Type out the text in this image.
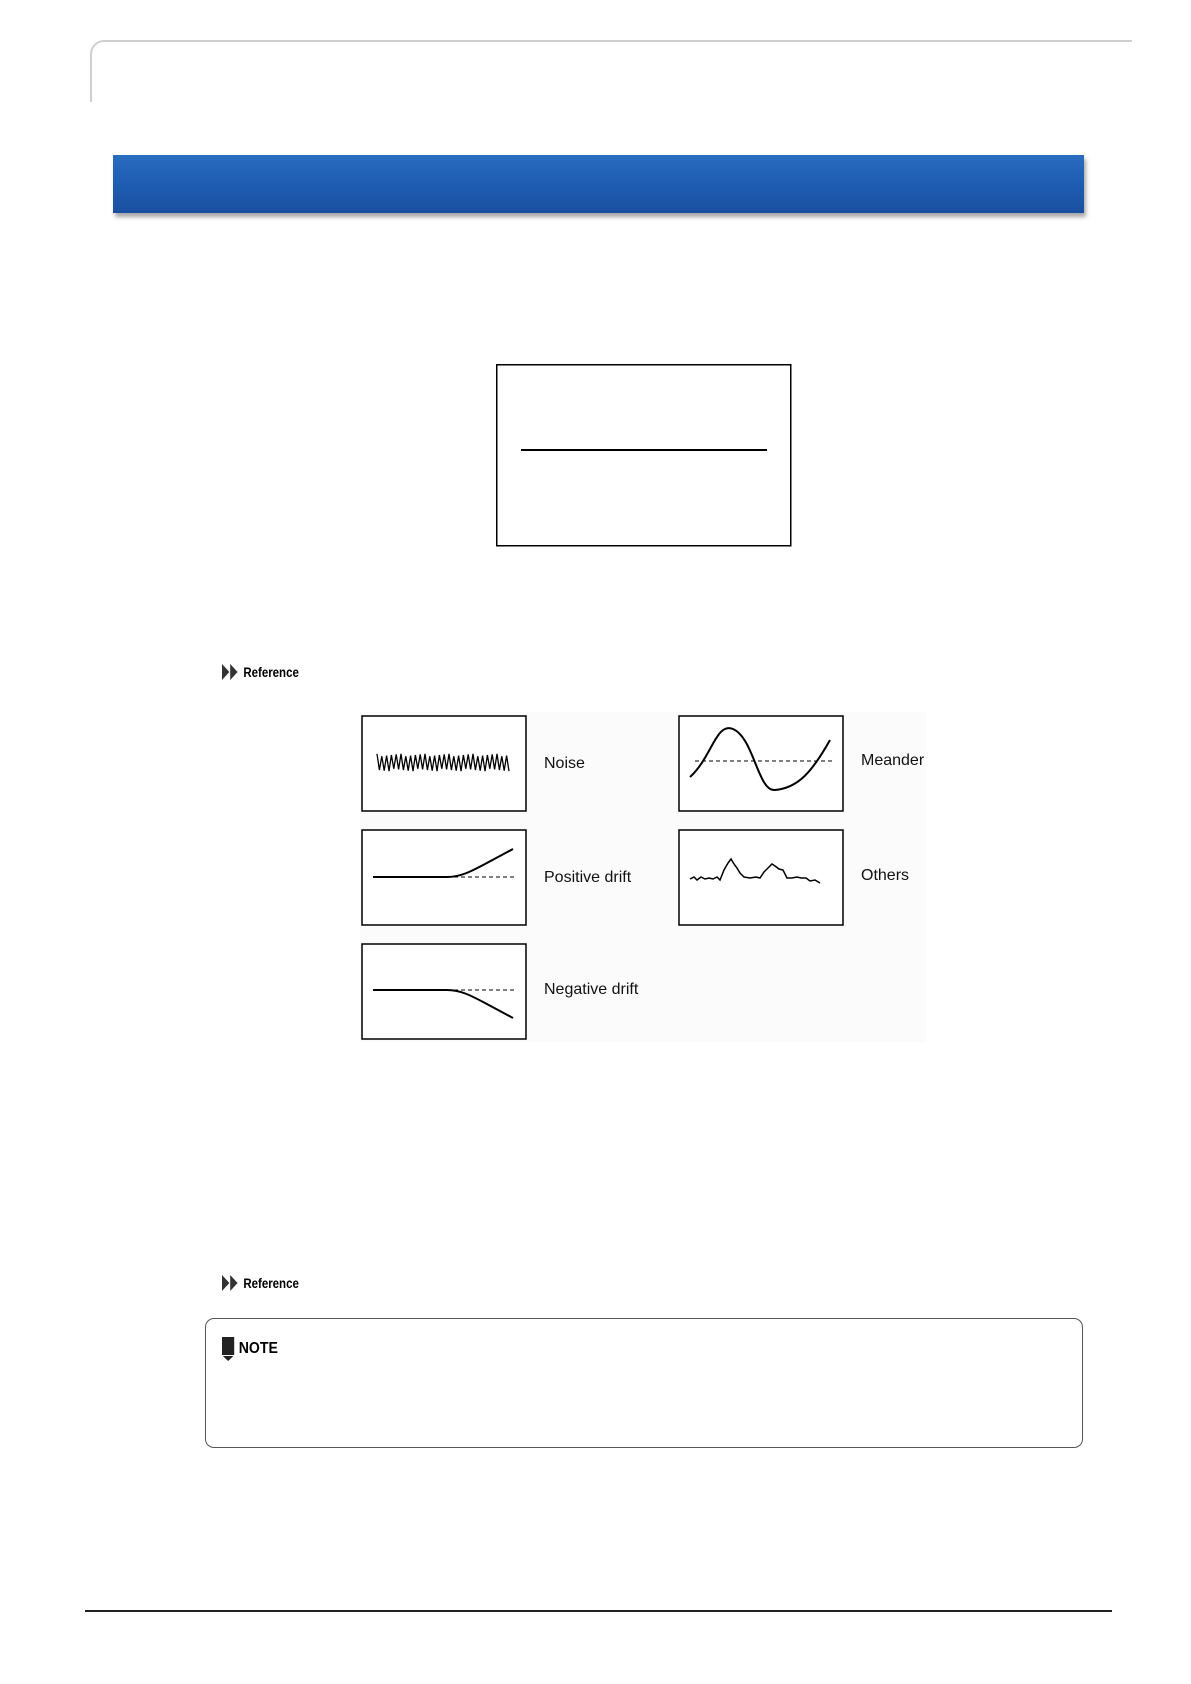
Reference
Noise	Meander
Positive drift	Others
Negative drift
Reference
NOTE
